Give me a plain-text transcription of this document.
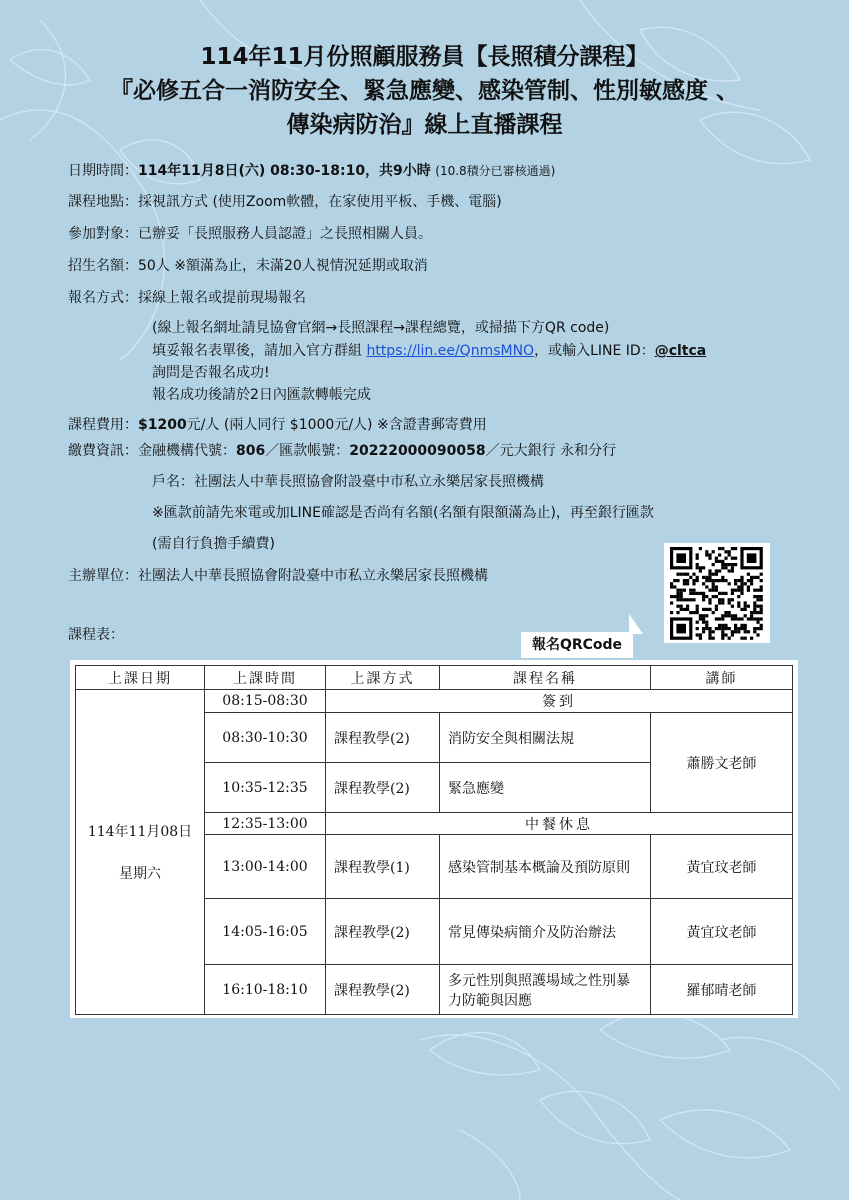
114年11月份照顧服務員【長照積分課程】
『必修五合一消防安全、緊急應變、感染管制、性別敏感度 、
傳染病防治』線上直播課程
日期時間：114年11月8日(六) 08:30-18:10，共9小時 (10.8積分已審核通過)
課程地點：採視訊方式 (使用Zoom軟體，在家使用平板、手機、電腦)
參加對象：已辦妥「長照服務人員認證」之長照相關人員。
招生名額：50人 ※額滿為止，未滿20人視情況延期或取消
報名方式：採線上報名或提前現場報名
(線上報名網址請見協會官網→長照課程→課程總覽，或掃描下方QR code)
填妥報名表單後，請加入官方群組 https://lin.ee/QnmsMNO，或輸入LINE ID：@cltca
詢問是否報名成功!
報名成功後請於2日內匯款轉帳完成
課程費用：$1200元/人 (兩人同行 $1000元/人) ※含證書郵寄費用
繳費資訊：金融機構代號：806／匯款帳號：20222000090058／元大銀行 永和分行
戶名：社團法人中華長照協會附設臺中市私立永樂居家長照機構
※匯款前請先來電或加LINE確認是否尚有名額(名額有限額滿為止)，再至銀行匯款
(需自行負擔手續費)
主辦單位：社團法人中華長照協會附設臺中市私立永樂居家長照機構
課程表：
報名QRCode
上課日期	上課時間	上課方式	課程名稱	講師

114年11月08日
星期六	08:15-08:30	簽到		
	08:30-10:30	課程教學(2)	消防安全與相關法規	蕭勝文老師
	10:35-12:35	課程教學(2)	緊急應變	
	12:35-13:00	中餐休息		
	13:00-14:00	課程教學(1)	感染管制基本概論及預防原則	黃宜玟老師
	14:05-16:05	課程教學(2)	常見傳染病簡介及防治辦法	黃宜玟老師
	16:10-18:10	課程教學(2)	多元性別與照護場域之性別暴力防範與因應	羅郁晴老師
